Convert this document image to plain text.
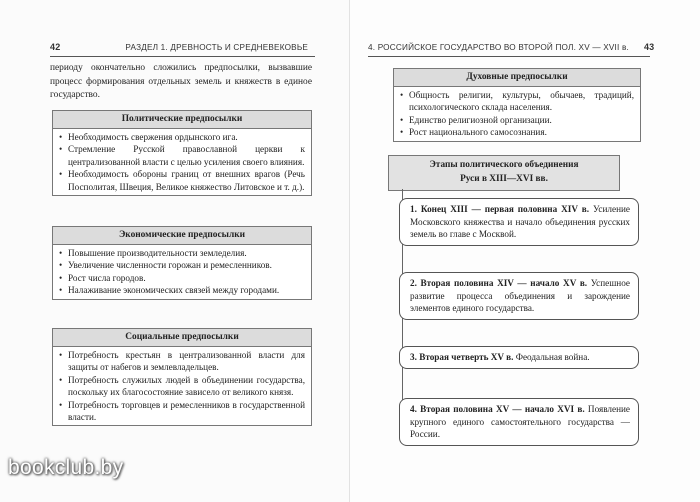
42	РАЗДЕЛ 1. ДРЕВНОСТЬ И СРЕДНЕВЕКОВЬЕ

периоду окончательно сложились предпосылки, вызвавшие процесс формирования отдельных земель и княжеств в единое государство.

Политические предпосылки
• Необходимость свержения ордынского ига.
• Стремление Русской православной церкви к централизованной власти с целью усиления своего влияния.
• Необходимость обороны границ от внешних врагов (Речь Посполитая, Швеция, Великое княжество Литовское и т. д.).
Экономические предпосылки
• Повышение производительности земледелия.
• Увеличение численности горожан и ремесленников.
• Рост числа городов.
• Налаживание экономических связей между городами.
Социальные предпосылки
• Потребность крестьян в централизованной власти для защиты от набегов и землевладельцев.
• Потребность служилых людей в объединении государства, поскольку их благосостояние зависело от великого князя.
• Потребность торговцев и ремесленников в государственной власти.
4. РОССИЙСКОЕ ГОСУДАРСТВО ВО ВТОРОЙ ПОЛ. XV — XVII в. 43
Духовные предпосылки
• Общность религии, культуры, обычаев, традиций, психологического склада населения.
• Единство религиозной организации.
• Рост национального самосознания.
Этапы политического объединения
Руси в XIII—XVI вв.
1. Конец XIII — первая половина XIV в. Усиление Московского княжества и начало объединения русских земель во главе с Москвой.
2. Вторая половина XIV — начало XV в. Успешное развитие процесса объединения и зарождение элементов единого государства.
3. Вторая четверть XV в. Феодальная война.
4. Вторая половина XV — начало XVI в. Появление крупного единого самостоятельного государства — России.
bookclub.by
